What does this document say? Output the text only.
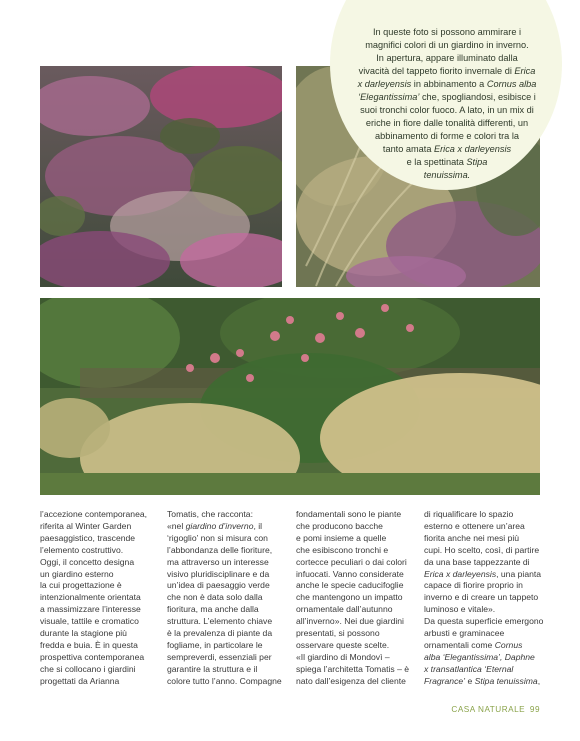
In queste foto si possono ammirare i
magnifici colori di un giardino in inverno.
In apertura, appare illuminato dalla
vivacità del tappeto fiorito invernale di Erica
x darleyensis in abbinamento a Cornus alba
‘Elegantissima’ che, spogliandosi, esibisce i
suoi tronchi color fuoco. A lato, in un mix di
eriche in fiore dalle tonalità differenti, un
abbinamento di forme e colori tra la
tanto amata Erica x darleyensis
e la spettinata Stipa
tenuissima.
l’accezione contemporanea,
riferita al Winter Garden
paesaggistico, trascende
l’elemento costruttivo.
Oggi, il concetto designa
un giardino esterno
la cui progettazione è
intenzionalmente orientata
a massimizzare l’interesse
visuale, tattile e cromatico
durante la stagione più
fredda e buia. È in questa
prospettiva contemporanea
che si collocano i giardini
progettati da Arianna
Tomatis, che racconta:
«nel giardino d’inverno, il
‘rigoglio’ non si misura con
l’abbondanza delle fioriture,
ma attraverso un interesse
visivo pluridisciplinare e da
un’idea di paesaggio verde
che non è data solo dalla
fioritura, ma anche dalla
struttura. L’elemento chiave
è la prevalenza di piante da
fogliame, in particolare le
sempreverdi, essenziali per
garantire la struttura e il
colore tutto l’anno. Compagne
fondamentali sono le piante
che producono bacche
e pomi insieme a quelle
che esibiscono tronchi e
cortecce peculiari o dai colori
infuocati. Vanno considerate
anche le specie caducifoglie
che mantengono un impatto
ornamentale dall’autunno
all’inverno». Nei due giardini
presentati, si possono
osservare queste scelte.
«Il giardino di Mondovì –
spiega l’architetta Tomatis – è
nato dall’esigenza del cliente
di riqualificare lo spazio
esterno e ottenere un’area
fiorita anche nei mesi più
cupi. Ho scelto, così, di partire
da una base tappezzante di
Erica x darleyensis, una pianta
capace di fiorire proprio in
inverno e di creare un tappeto
luminoso e vitale».
Da questa superficie emergono
arbusti e graminacee
ornamentali come Cornus
alba ‘Elegantissima’, Daphne
x transatlantica ‘Eternal
Fragrance’ e Stipa tenuissima,
CASA NATURALE 99
